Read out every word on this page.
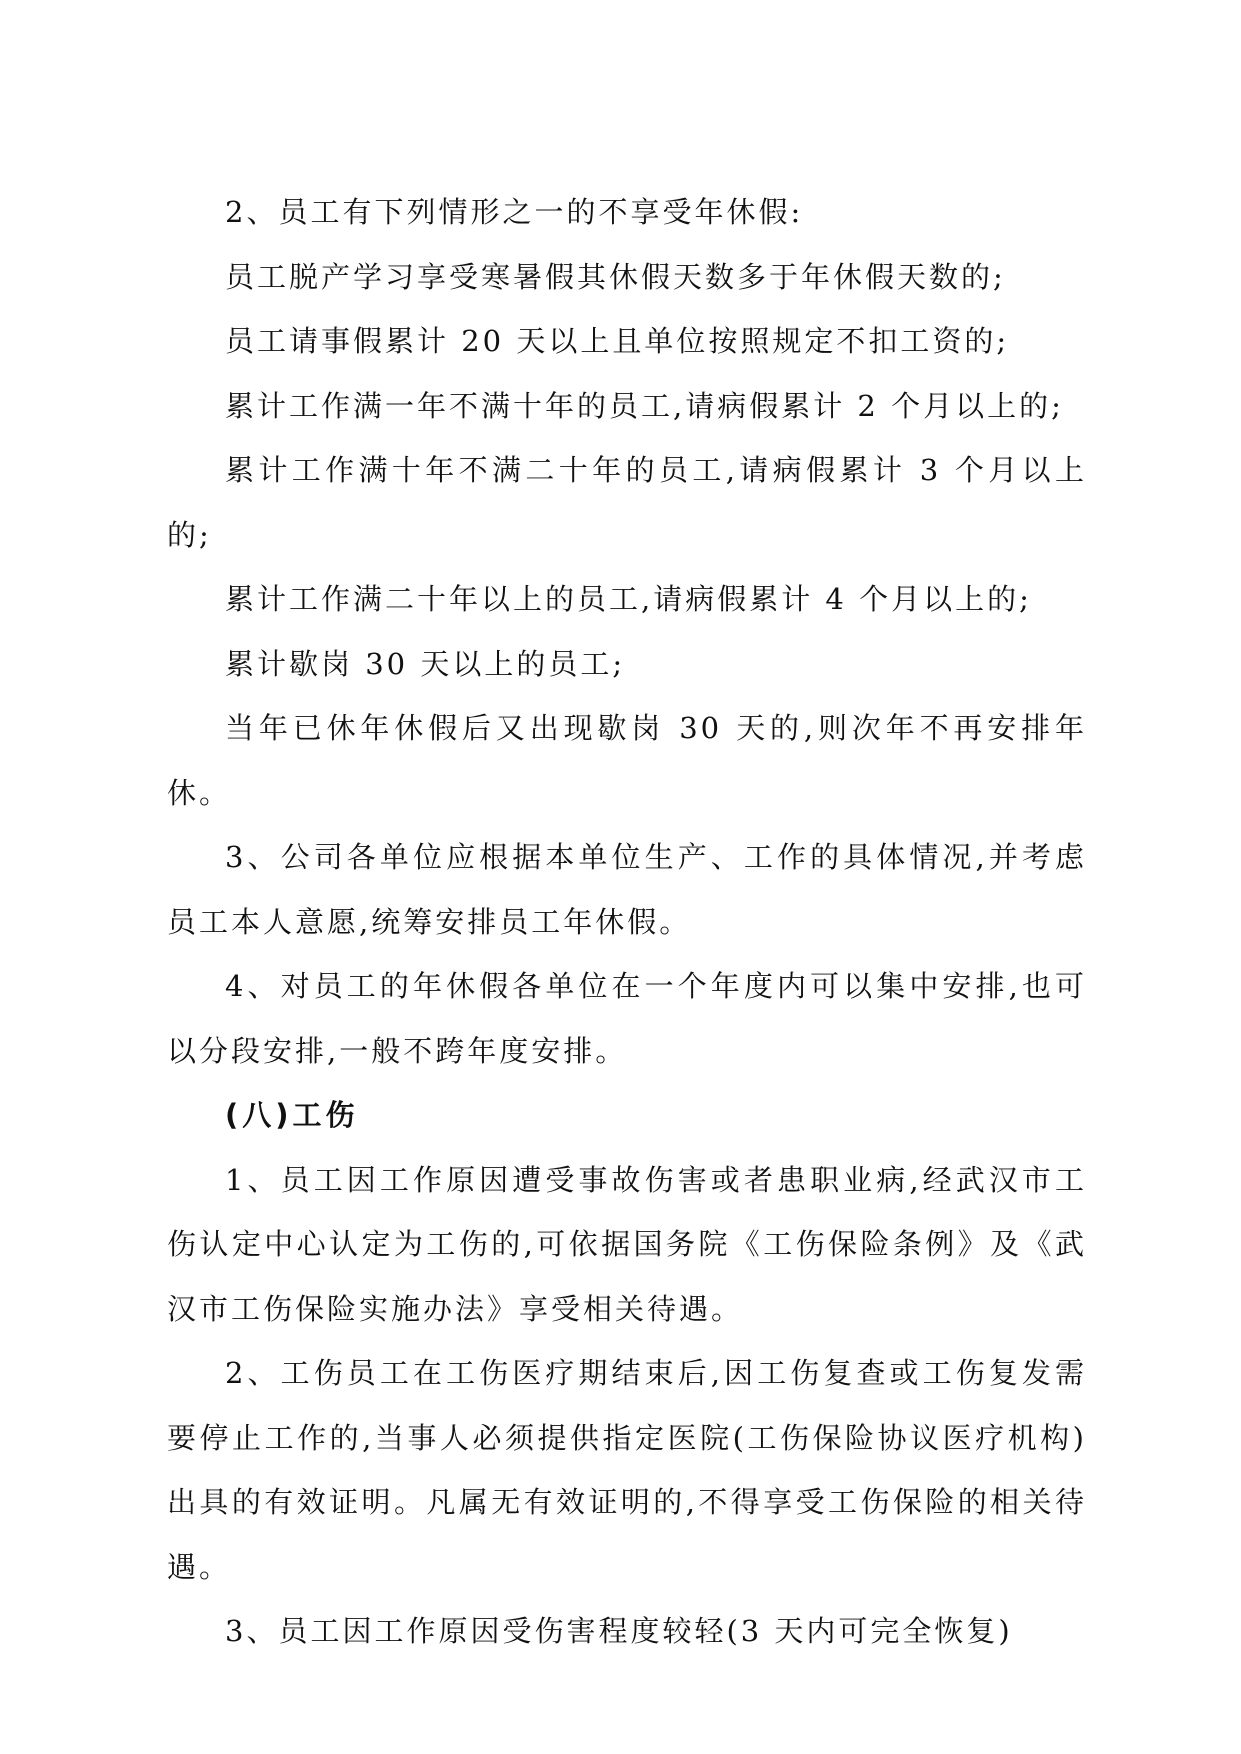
2、员工有下列情形之一的不享受年休假:

员工脱产学习享受寒暑假其休假天数多于年休假天数的;

员工请事假累计 20 天以上且单位按照规定不扣工资的;

累计工作满一年不满十年的员工,请病假累计 2 个月以上的;

累计工作满十年不满二十年的员工,请病假累计 3 个月以上的;

累计工作满二十年以上的员工,请病假累计 4 个月以上的;

累计歇岗 30 天以上的员工;

当年已休年休假后又出现歇岗 30 天的,则次年不再安排年休。

3、公司各单位应根据本单位生产、工作的具体情况,并考虑员工本人意愿,统筹安排员工年休假。

4、对员工的年休假各单位在一个年度内可以集中安排,也可以分段安排,一般不跨年度安排。

(八)工伤

1、员工因工作原因遭受事故伤害或者患职业病,经武汉市工伤认定中心认定为工伤的,可依据国务院《工伤保险条例》及《武汉市工伤保险实施办法》享受相关待遇。

2、工伤员工在工伤医疗期结束后,因工伤复查或工伤复发需要停止工作的,当事人必须提供指定医院(工伤保险协议医疗机构)出具的有效证明。凡属无有效证明的,不得享受工伤保险的相关待遇。

3、员工因工作原因受伤害程度较轻(3 天内可完全恢复)
